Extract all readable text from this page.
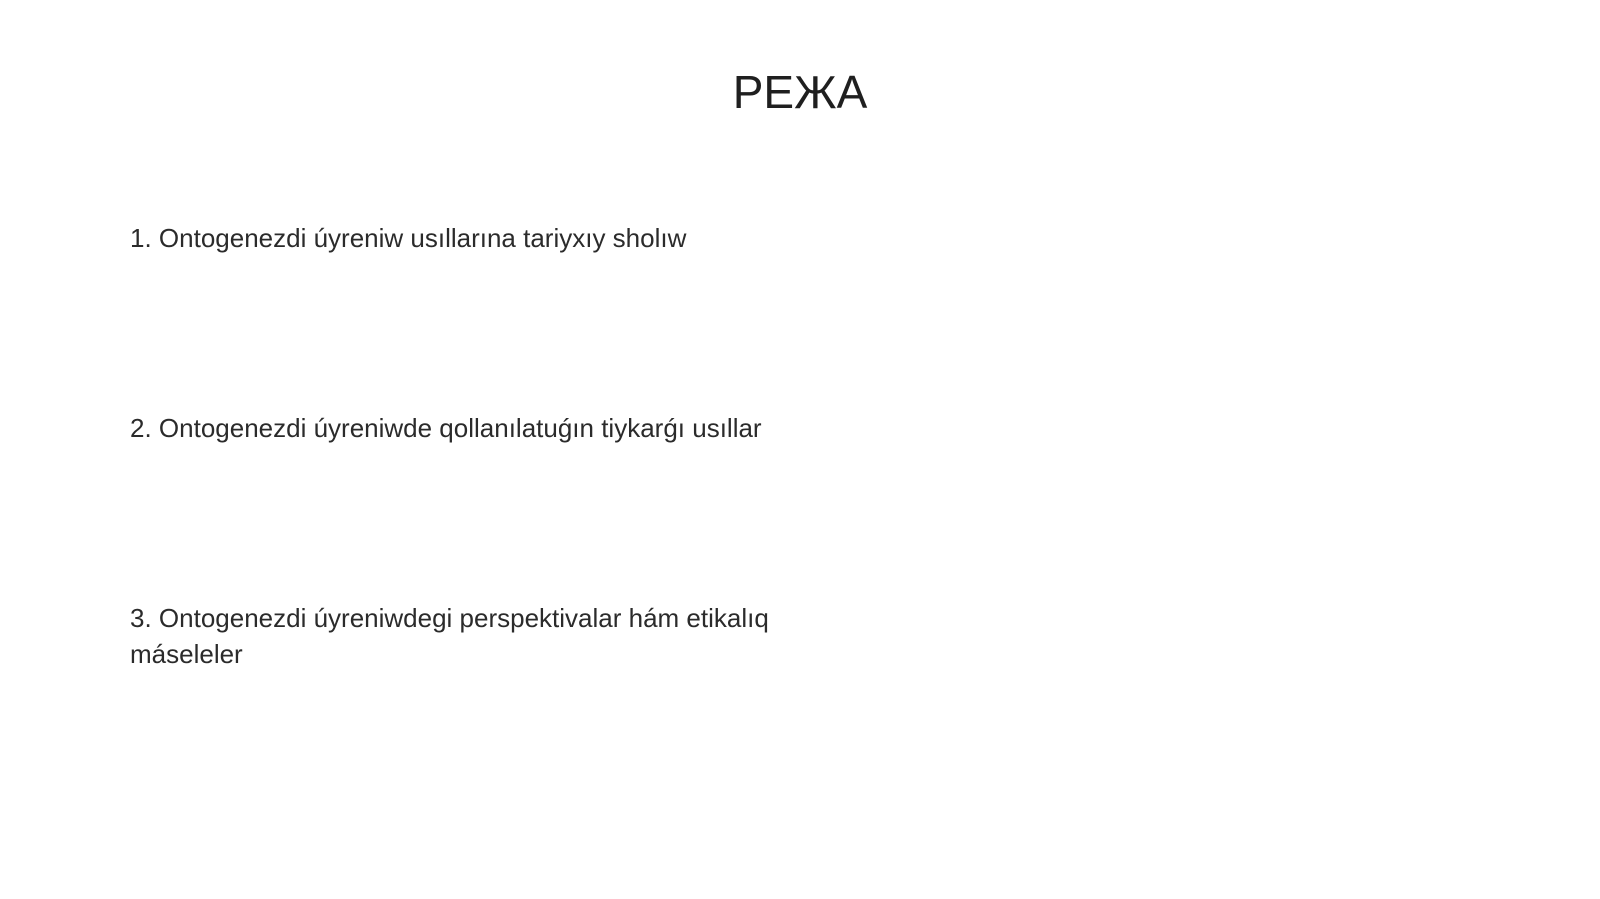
РЕЖА
1. Ontogenezdi úyreniw usıllarına tariyxıy sholıw
2. Ontogenezdi úyreniwde qollanılatuǵın tiykarǵı usıllar
3. Ontogenezdi úyreniwdegi perspektivalar hám etikalıq máseleler
